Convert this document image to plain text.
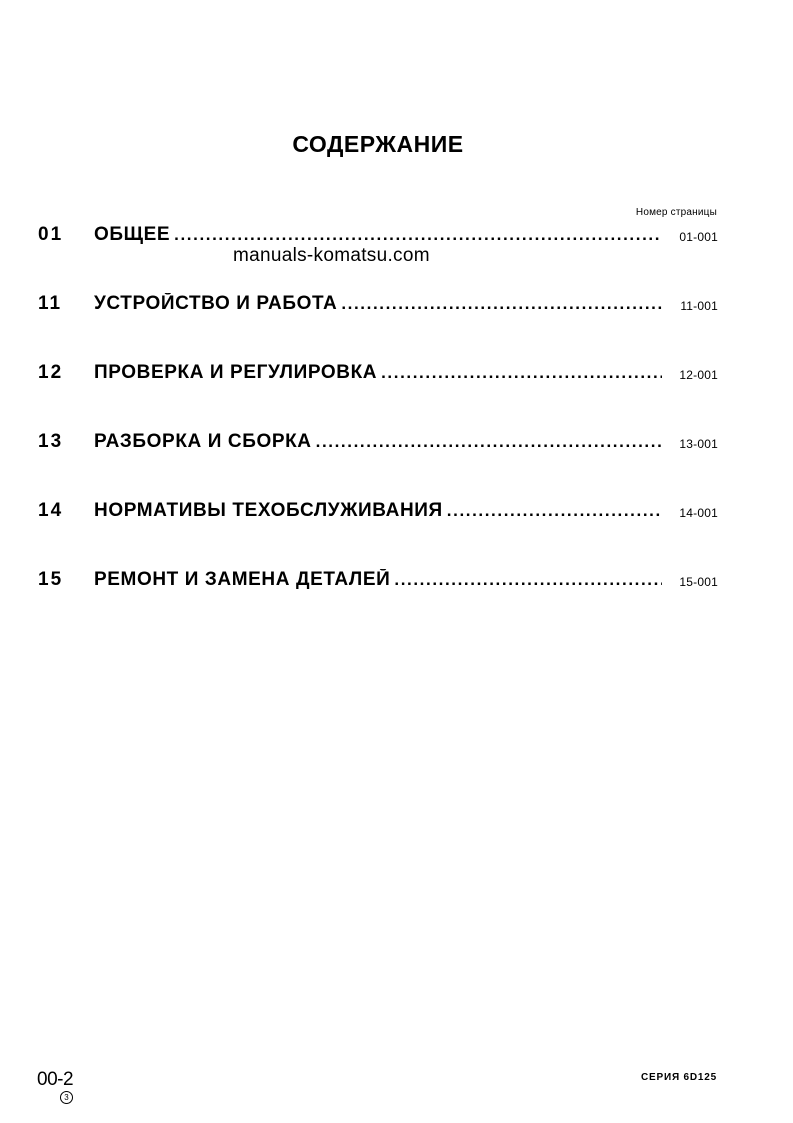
СОДЕРЖАНИЕ
Номер страницы
01 ОБЩЕЕ .....	01-001
manuals-komatsu.com
11 УСТРОЙСТВО И РАБОТА .....	11-001
12 ПРОВЕРКА И РЕГУЛИРОВКА .....	12-001
13 РАЗБОРКА И СБОРКА .....	13-001
14 НОРМАТИВЫ ТЕХОБСЛУЖИВАНИЯ .....	14-001
15 РЕМОНТ И ЗАМЕНА ДЕТАЛЕЙ .....	15-001
00-2
3
СЕРИЯ 6D125
